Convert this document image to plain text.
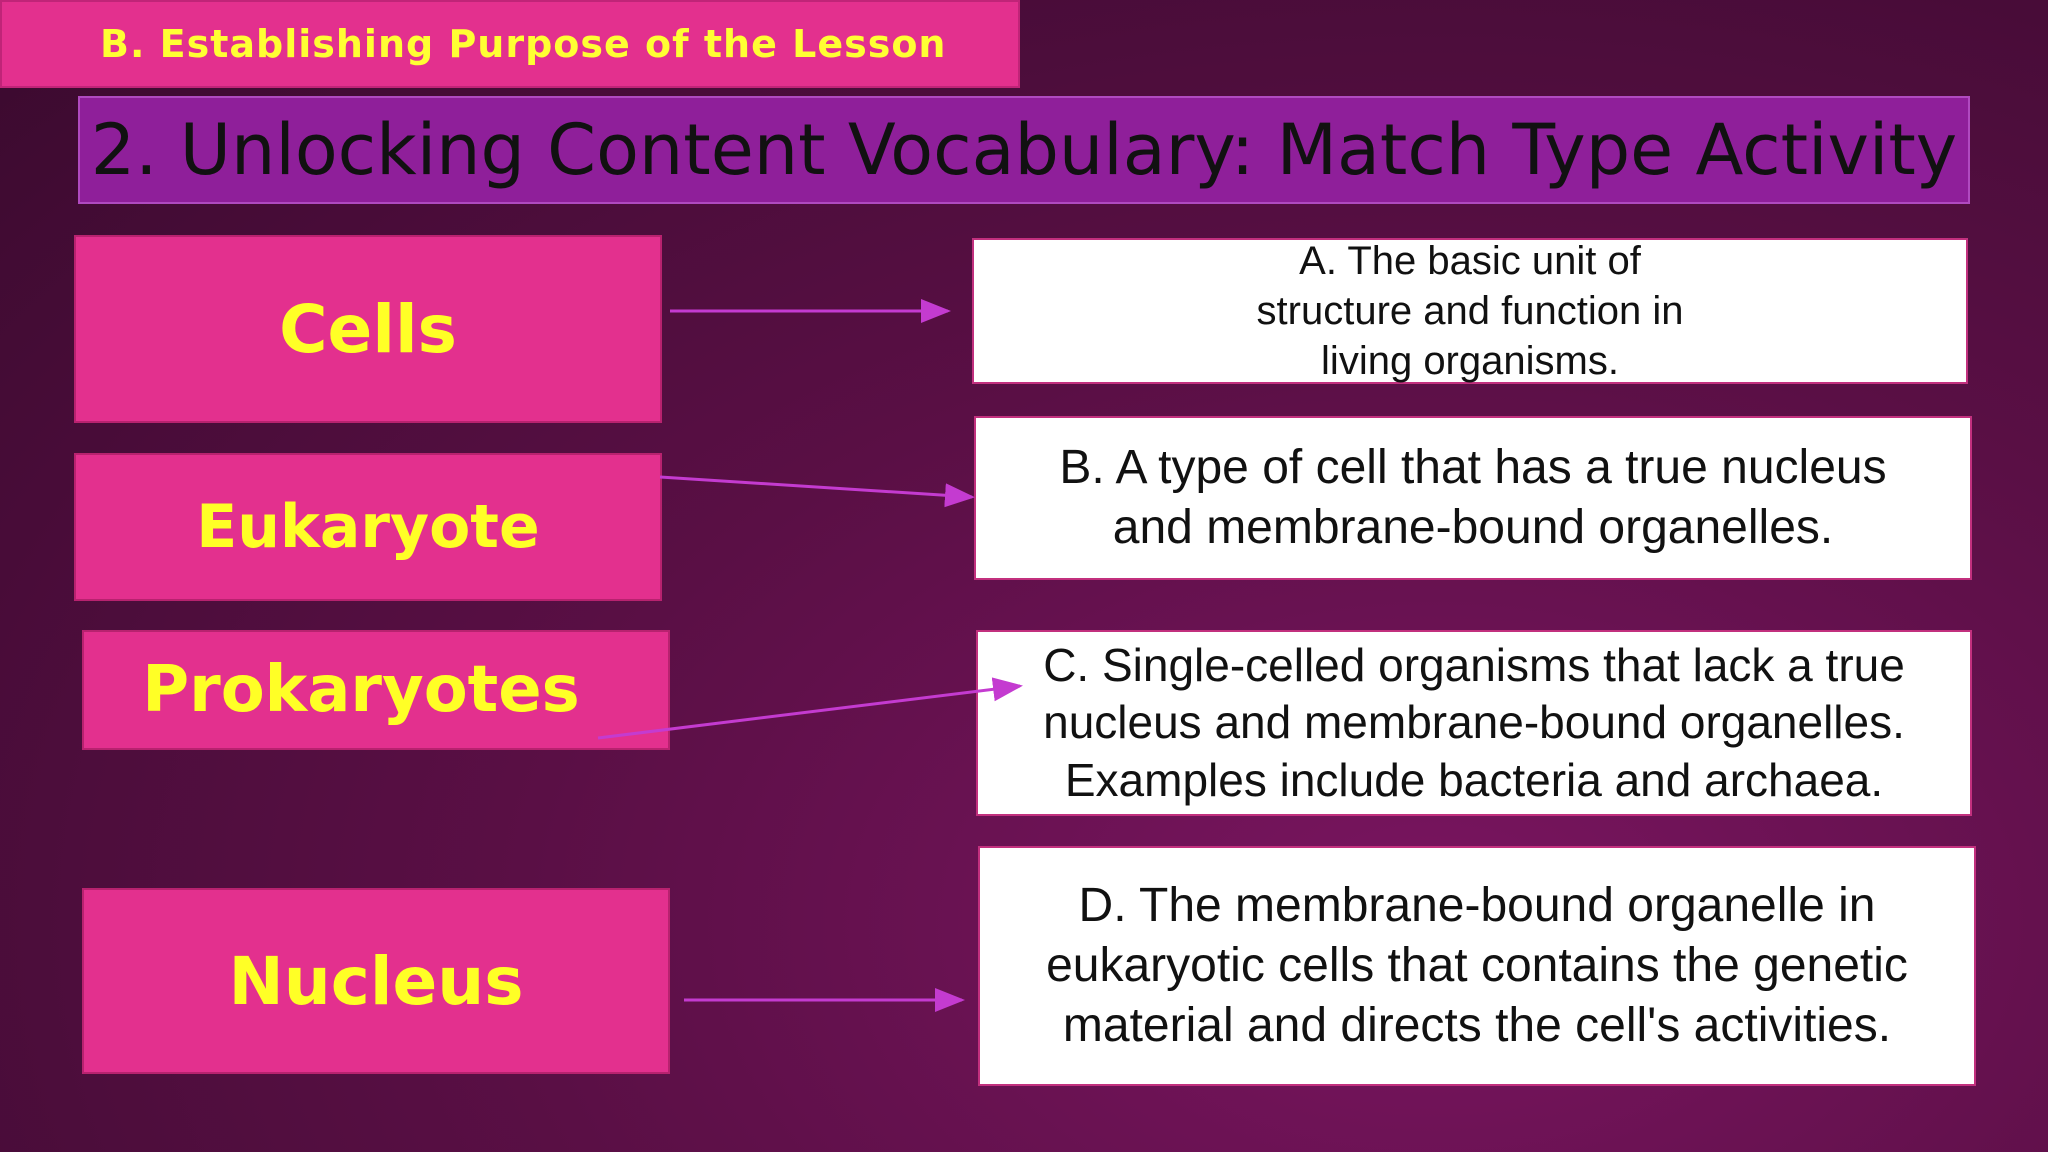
B. Establishing Purpose of the Lesson
2. Unlocking Content Vocabulary: Match Type Activity
Cells
Eukaryote
Prokaryotes
Nucleus
A. The basic unit of structure and function in living organisms.
B. A type of cell that has a true nucleus and membrane-bound organelles.
C. Single-celled organisms that lack a true nucleus and membrane-bound organelles. Examples include bacteria and archaea.
D. The membrane-bound organelle in eukaryotic cells that contains the genetic material and directs the cell's activities.
